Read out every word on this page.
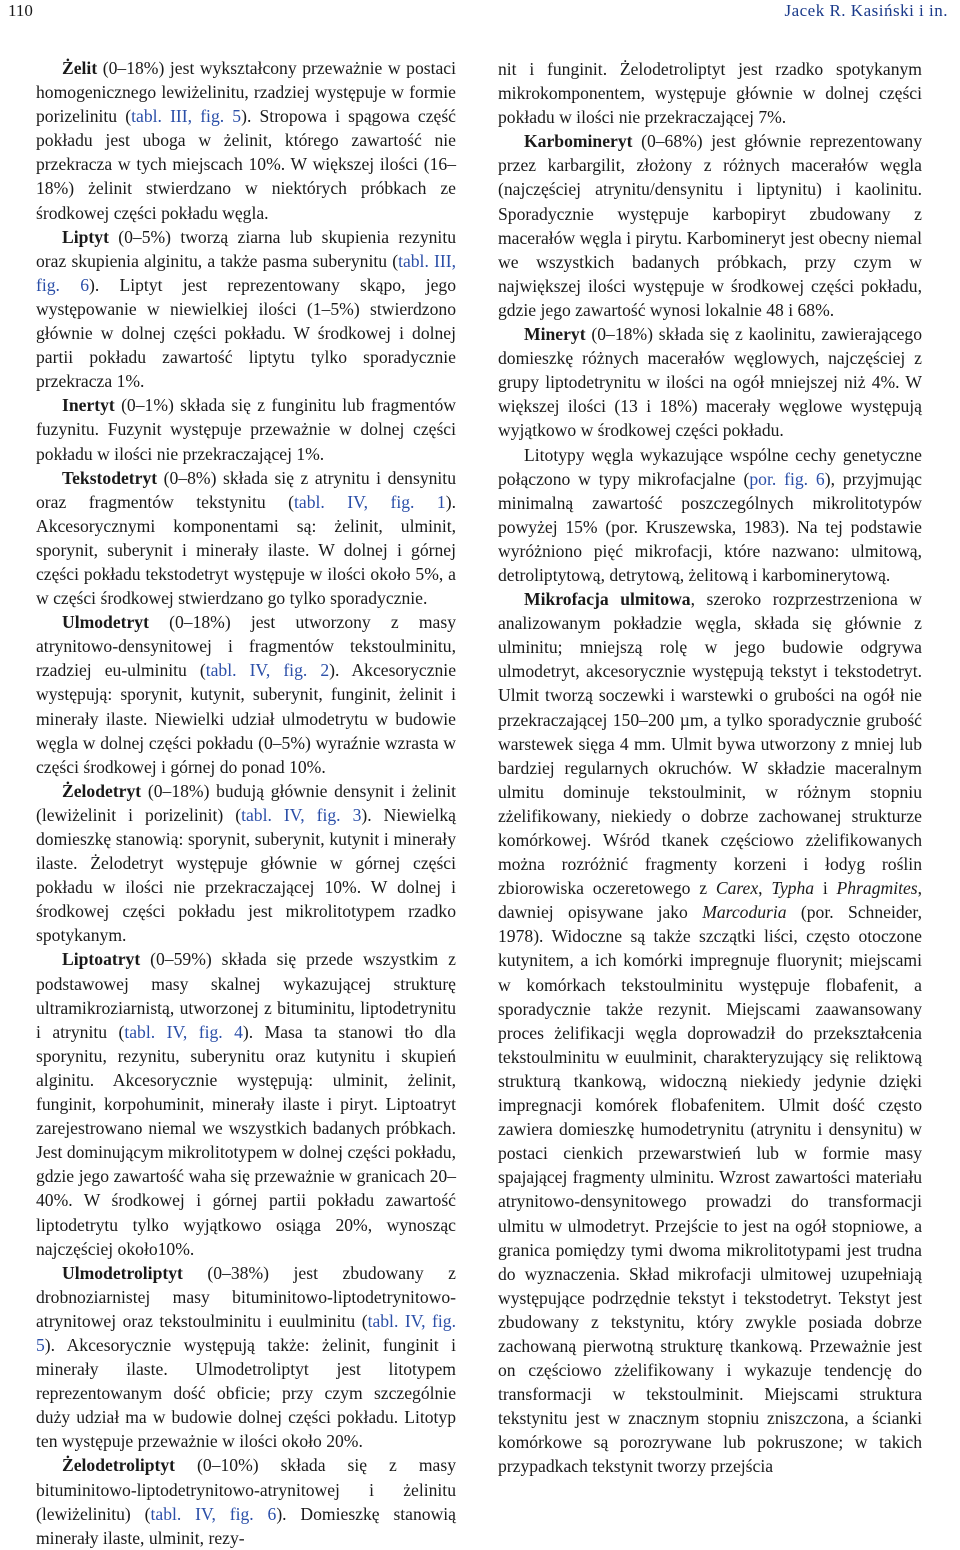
110	Jacek R. Kasiński i in.

Żelit (0–18%) jest wykształcony przeważnie w postaci homogenicznego lewiżelinitu, rzadziej występuje w formie porizelinitu (tabl. III, fig. 5). Stropowa i spągowa część pokładu jest uboga w żelinit, którego zawartość nie przekracza w tych miejscach 10%. W większej ilości (16–18%) żelinit stwierdzano w niektórych próbkach ze środkowej części pokładu węgla.

Liptyt (0–5%) tworzą ziarna lub skupienia rezynitu oraz skupienia alginitu, a także pasma suberynitu (tabl. III, fig. 6). Liptyt jest reprezentowany skąpo, jego występowanie w niewielkiej ilości (1–5%) stwierdzono głównie w dolnej części pokładu. W środkowej i dolnej partii pokładu zawartość liptytu tylko sporadycznie przekracza 1%.

Inertyt (0–1%) składa się z funginitu lub fragmentów fuzynitu. Fuzynit występuje przeważnie w dolnej części pokładu w ilości nie przekraczającej 1%.

Tekstodetryt (0–8%) składa się z atrynitu i densynitu oraz fragmentów tekstynitu (tabl. IV, fig. 1). Akcesorycznymi komponentami są: żelinit, ulminit, sporynit, suberynit i minerały ilaste. W dolnej i górnej części pokładu tekstodetryt występuje w ilości około 5%, a w części środkowej stwierdzano go tylko sporadycznie.

Ulmodetryt (0–18%) jest utworzony z masy atrynitowo-densynitowej i fragmentów tekstoulminitu, rzadziej eu-ulminitu (tabl. IV, fig. 2). Akcesorycznie występują: sporynit, kutynit, suberynit, funginit, żelinit i minerały ilaste. Niewielki udział ulmodetrytu w budowie węgla w dolnej części pokładu (0–5%) wyraźnie wzrasta w części środkowej i górnej do ponad 10%.

Żelodetryt (0–18%) budują głównie densynit i żelinit (lewiżelinit i porizelinit) (tabl. IV, fig. 3). Niewielką domieszkę stanowią: sporynit, suberynit, kutynit i minerały ilaste. Żelodetryt występuje głównie w górnej części pokładu w ilości nie przekraczającej 10%. W dolnej i środkowej części pokładu jest mikrolitotypem rzadko spotykanym.

Liptoatryt (0–59%) składa się przede wszystkim z podstawowej masy skalnej wykazującej strukturę ultramikroziarnistą, utworzonej z bituminitu, liptodetrynitu i atrynitu (tabl. IV, fig. 4). Masa ta stanowi tło dla sporynitu, rezynitu, suberynitu oraz kutynitu i skupień alginitu. Akcesorycznie występują: ulminit, żelinit, funginit, korpohuminit, minerały ilaste i piryt. Liptoatryt zarejestrowano niemal we wszystkich badanych próbkach. Jest dominującym mikrolitotypem w dolnej części pokładu, gdzie jego zawartość waha się przeważnie w granicach 20–40%. W środkowej i górnej partii pokładu zawartość liptodetrytu tylko wyjątkowo osiąga 20%, wynosząc najczęściej około10%.

Ulmodetroliptyt (0–38%) jest zbudowany z drobnoziarnistej masy bituminitowo-liptodetrynitowo-atrynitowej oraz tekstoulminitu i euulminitu (tabl. IV, fig. 5). Akcesorycznie występują także: żelinit, funginit i minerały ilaste. Ulmodetroliptyt jest litotypem reprezentowanym dość obficie; przy czym szczególnie duży udział ma w budowie dolnej części pokładu. Litotyp ten występuje przeważnie w ilości około 20%.

Żelodetroliptyt (0–10%) składa się z masy bituminitowo-liptodetrynitowo-atrynitowej i żelinitu (lewiżelinitu) (tabl. IV, fig. 6). Domieszkę stanowią minerały ilaste, ulminit, rezy-

nit i funginit. Żelodetroliptyt jest rzadko spotykanym mikrokomponentem, występuje głównie w dolnej części pokładu w ilości nie przekraczającej 7%.

Karbomineryt (0–68%) jest głównie reprezentowany przez karbargilit, złożony z różnych macerałów węgla (najczęściej atrynitu/densynitu i liptynitu) i kaolinitu. Sporadycznie występuje karbopiryt zbudowany z macerałów węgla i pirytu. Karbomineryt jest obecny niemal we wszystkich badanych próbkach, przy czym w największej ilości występuje w środkowej części pokładu, gdzie jego zawartość wynosi lokalnie 48 i 68%.

Mineryt (0–18%) składa się z kaolinitu, zawierającego domieszkę różnych macerałów węglowych, najczęściej z grupy liptodetrynitu w ilości na ogół mniejszej niż 4%. W większej ilości (13 i 18%) macerały węglowe występują wyjątkowo w środkowej części pokładu.

Litotypy węgla wykazujące wspólne cechy genetyczne połączono w typy mikrofacjalne (por. fig. 6), przyjmując minimalną zawartość poszczególnych mikrolitotypów powyżej 15% (por. Kruszewska, 1983). Na tej podstawie wyróżniono pięć mikrofacji, które nazwano: ulmitową, detroliptytową, detrytową, żelitową i karbominerytową.

Mikrofacja ulmitowa, szeroko rozprzestrzeniona w analizowanym pokładzie węgla, składa się głównie z ulminitu; mniejszą rolę w jego budowie odgrywa ulmodetryt, akcesorycznie występują tekstyt i tekstodetryt. Ulmit tworzą soczewki i warstewki o grubości na ogół nie przekraczającej 150–200 µm, a tylko sporadycznie grubość warstewek sięga 4 mm. Ulmit bywa utworzony z mniej lub bardziej regularnych okruchów. W składzie maceralnym ulmitu dominuje tekstoulminit, w różnym stopniu zżelifikowany, niekiedy o dobrze zachowanej strukturze komórkowej. Wśród tkanek częściowo zżelifikowanych można rozróżnić fragmenty korzeni i łodyg roślin zbiorowiska oczeretowego z Carex, Typha i Phragmites, dawniej opisywane jako Marcoduria (por. Schneider, 1978). Widoczne są także szczątki liści, często otoczone kutynitem, a ich komórki impregnuje fluorynit; miejscami w komórkach tekstoulminitu występuje flobafenit, a sporadycznie także rezynit. Miejscami zaawansowany proces żelifikacji węgla doprowadził do przekształcenia tekstoulminitu w euulminit, charakteryzujący się reliktową strukturą tkankową, widoczną niekiedy jedynie dzięki impregnacji komórek flobafenitem. Ulmit dość często zawiera domieszkę humodetrynitu (atrynitu i densynitu) w postaci cienkich przewarstwień lub w formie masy spajającej fragmenty ulminitu. Wzrost zawartości materiału atrynitowo-densynitowego prowadzi do transformacji ulmitu w ulmodetryt. Przejście to jest na ogół stopniowe, a granica pomiędzy tymi dwoma mikrolitotypami jest trudna do wyznaczenia. Skład mikrofacji ulmitowej uzupełniają występujące podrzędnie tekstyt i tekstodetryt. Tekstyt jest zbudowany z tekstynitu, który zwykle posiada dobrze zachowaną pierwotną strukturę tkankową. Przeważnie jest on częściowo zżelifikowany i wykazuje tendencję do transformacji w tekstoulminit. Miejscami struktura tekstynitu jest w znacznym stopniu zniszczona, a ścianki komórkowe są porozrywane lub pokruszone; w takich przypadkach tekstynit tworzy przejścia
